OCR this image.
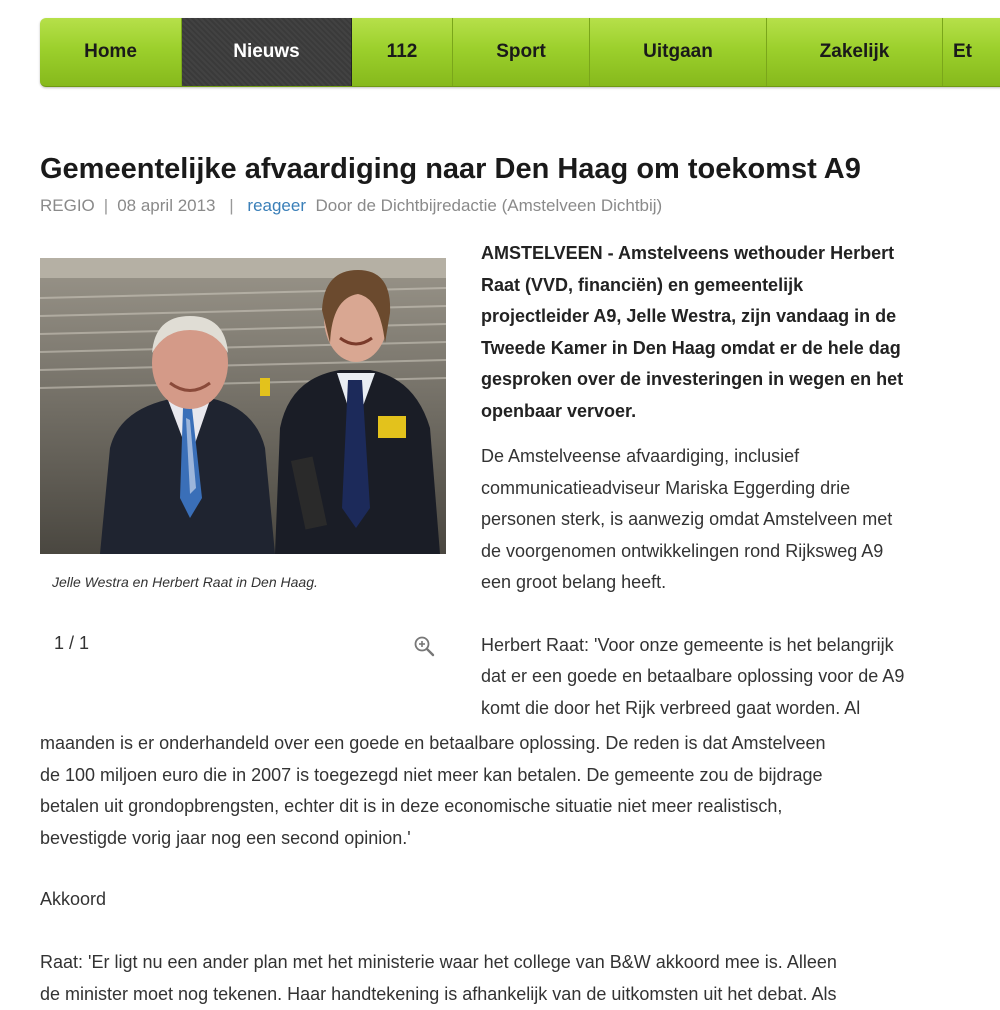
Home	Nieuws	112	Sport	Uitgaan	Zakelijk	Et
Gemeentelijke afvaardiging naar Den Haag om toekomst A9
REGIO | 08 april 2013 | reageer Door de Dichtbijredactie (Amstelveen Dichtbij)
Jelle Westra en Herbert Raat in Den Haag.
1 / 1

AMSTELVEEN - Amstelveens wethouder Herbert
Raat (VVD, financiën) en gemeentelijk
projectleider A9, Jelle Westra, zijn vandaag in de
Tweede Kamer in Den Haag omdat er de hele dag
gesproken over de investeringen in wegen en het
openbaar vervoer.

De Amstelveense afvaardiging, inclusief
communicatieadviseur Mariska Eggerding drie
personen sterk, is aanwezig omdat Amstelveen met
de voorgenomen ontwikkelingen rond Rijksweg A9
een groot belang heeft.

Herbert Raat: 'Voor onze gemeente is het belangrijk
dat er een goede en betaalbare oplossing voor de A9
komt die door het Rijk verbreed gaat worden. Al

maanden is er onderhandeld over een goede en betaalbare oplossing. De reden is dat Amstelveen
de 100 miljoen euro die in 2007 is toegezegd niet meer kan betalen. De gemeente zou de bijdrage
betalen uit grondopbrengsten, echter dit is in deze economische situatie niet meer realistisch,
bevestigde vorig jaar nog een second opinion.'

Akkoord

Raat: 'Er ligt nu een ander plan met het ministerie waar het college van B&W akkoord mee is. Alleen
de minister moet nog tekenen. Haar handtekening is afhankelijk van de uitkomsten uit het debat. Als
